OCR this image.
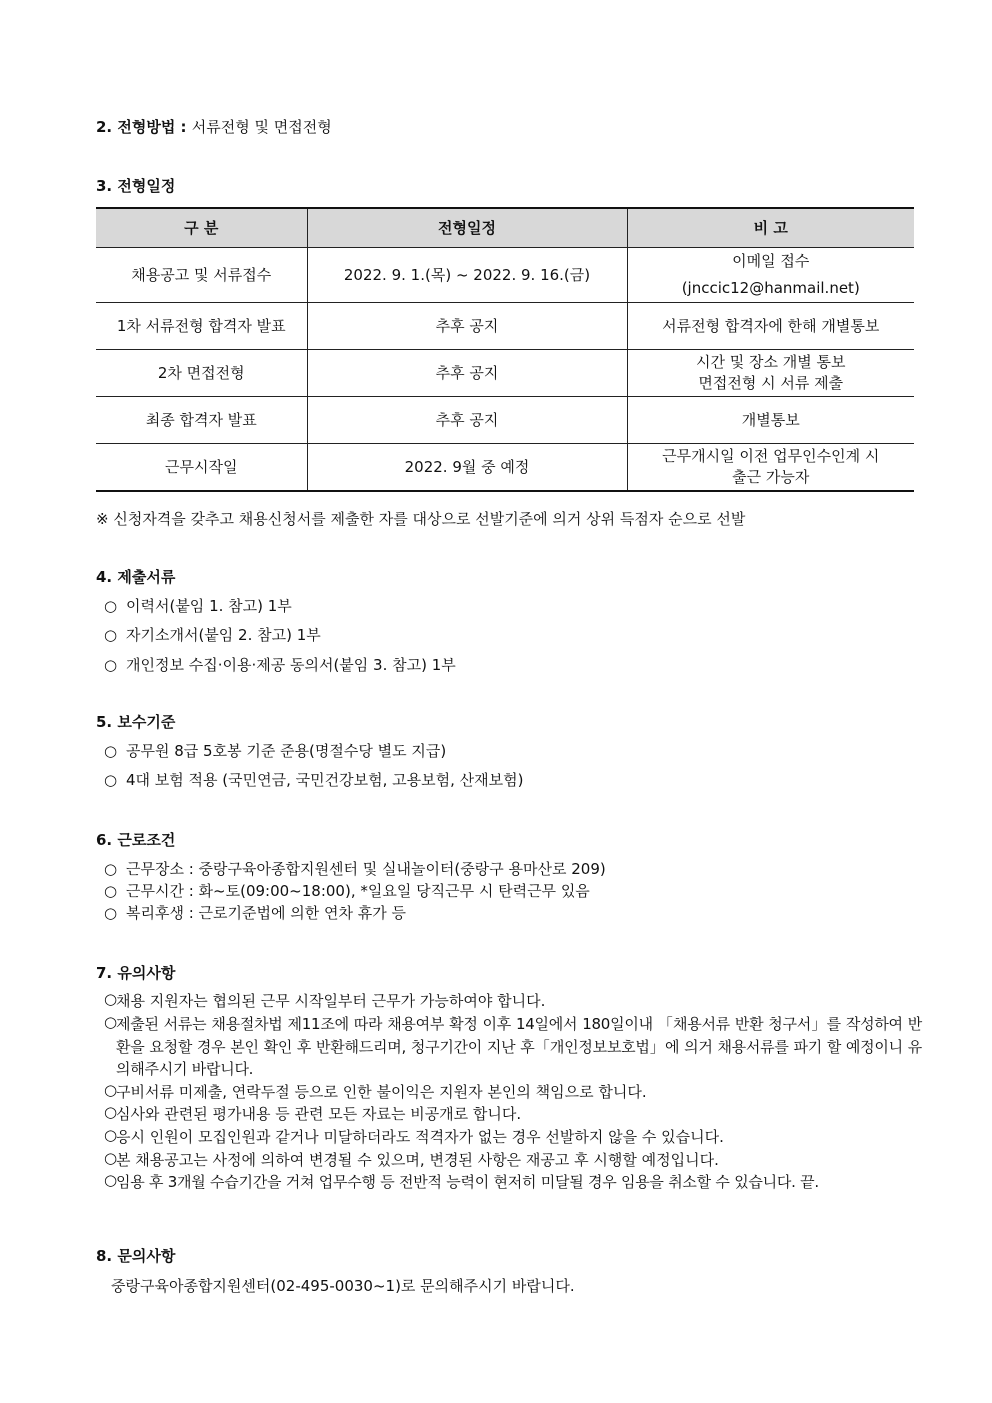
2. 전형방법 : 서류전형 및 면접전형
3. 전형일정
구 분	전형일정	비 고
채용공고 및 서류접수	2022. 9. 1.(목) ~ 2022. 9. 16.(금)	이메일 접수
(jnccic12@hanmail.net)

1차 서류전형 합격자 발표	추후 공지	서류전형 합격자에 한해 개별통보
2차 면접전형	추후 공지	시간 및 장소 개별 통보
면접전형 시 서류 제출

최종 합격자 발표	추후 공지	개별통보
근무시작일	2022. 9월 중 예정	근무개시일 이전 업무인수인계 시
출근 가능자
※ 신청자격을 갖추고 채용신청서를 제출한 자를 대상으로 선발기준에 의거 상위 득점자 순으로 선발
4. 제출서류
○ 이력서(붙임 1. 참고) 1부
○ 자기소개서(붙임 2. 참고) 1부
○ 개인정보 수집·이용·제공 동의서(붙임 3. 참고) 1부
5. 보수기준
○ 공무원 8급 5호봉 기준 준용(명절수당 별도 지급)
○ 4대 보험 적용 (국민연금, 국민건강보험, 고용보험, 산재보험)
6. 근로조건
○ 근무장소 : 중랑구육아종합지원센터 및 실내놀이터(중랑구 용마산로 209)
○ 근무시간 : 화~토(09:00~18:00), *일요일 당직근무 시 탄력근무 있음
○ 복리후생 : 근로기준법에 의한 연차 휴가 등
7. 유의사항
○
채용 지원자는 협의된 근무 시작일부터 근무가 가능하여야 합니다.
○
제출된 서류는 채용절차법 제11조에 따라 채용여부 확정 이후 14일에서 180일이내 「채용서류 반환 청구서」를 작성하여 반환을 요청할 경우 본인 확인 후 반환해드리며, 청구기간이 지난 후「개인정보보호법」에 의거 채용서류를 파기 할 예정이니 유의해주시기 바랍니다.
○
구비서류 미제출, 연락두절 등으로 인한 불이익은 지원자 본인의 책임으로 합니다.
○
심사와 관련된 평가내용 등 관련 모든 자료는 비공개로 합니다.
○
응시 인원이 모집인원과 같거나 미달하더라도 적격자가 없는 경우 선발하지 않을 수 있습니다.
○
본 채용공고는 사정에 의하여 변경될 수 있으며, 변경된 사항은 재공고 후 시행할 예정입니다.
○
임용 후 3개월 수습기간을 거쳐 업무수행 등 전반적 능력이 현저히 미달될 경우 임용을 취소할 수 있습니다. 끝.
8. 문의사항
중랑구육아종합지원센터(02-495-0030~1)로 문의해주시기 바랍니다.
